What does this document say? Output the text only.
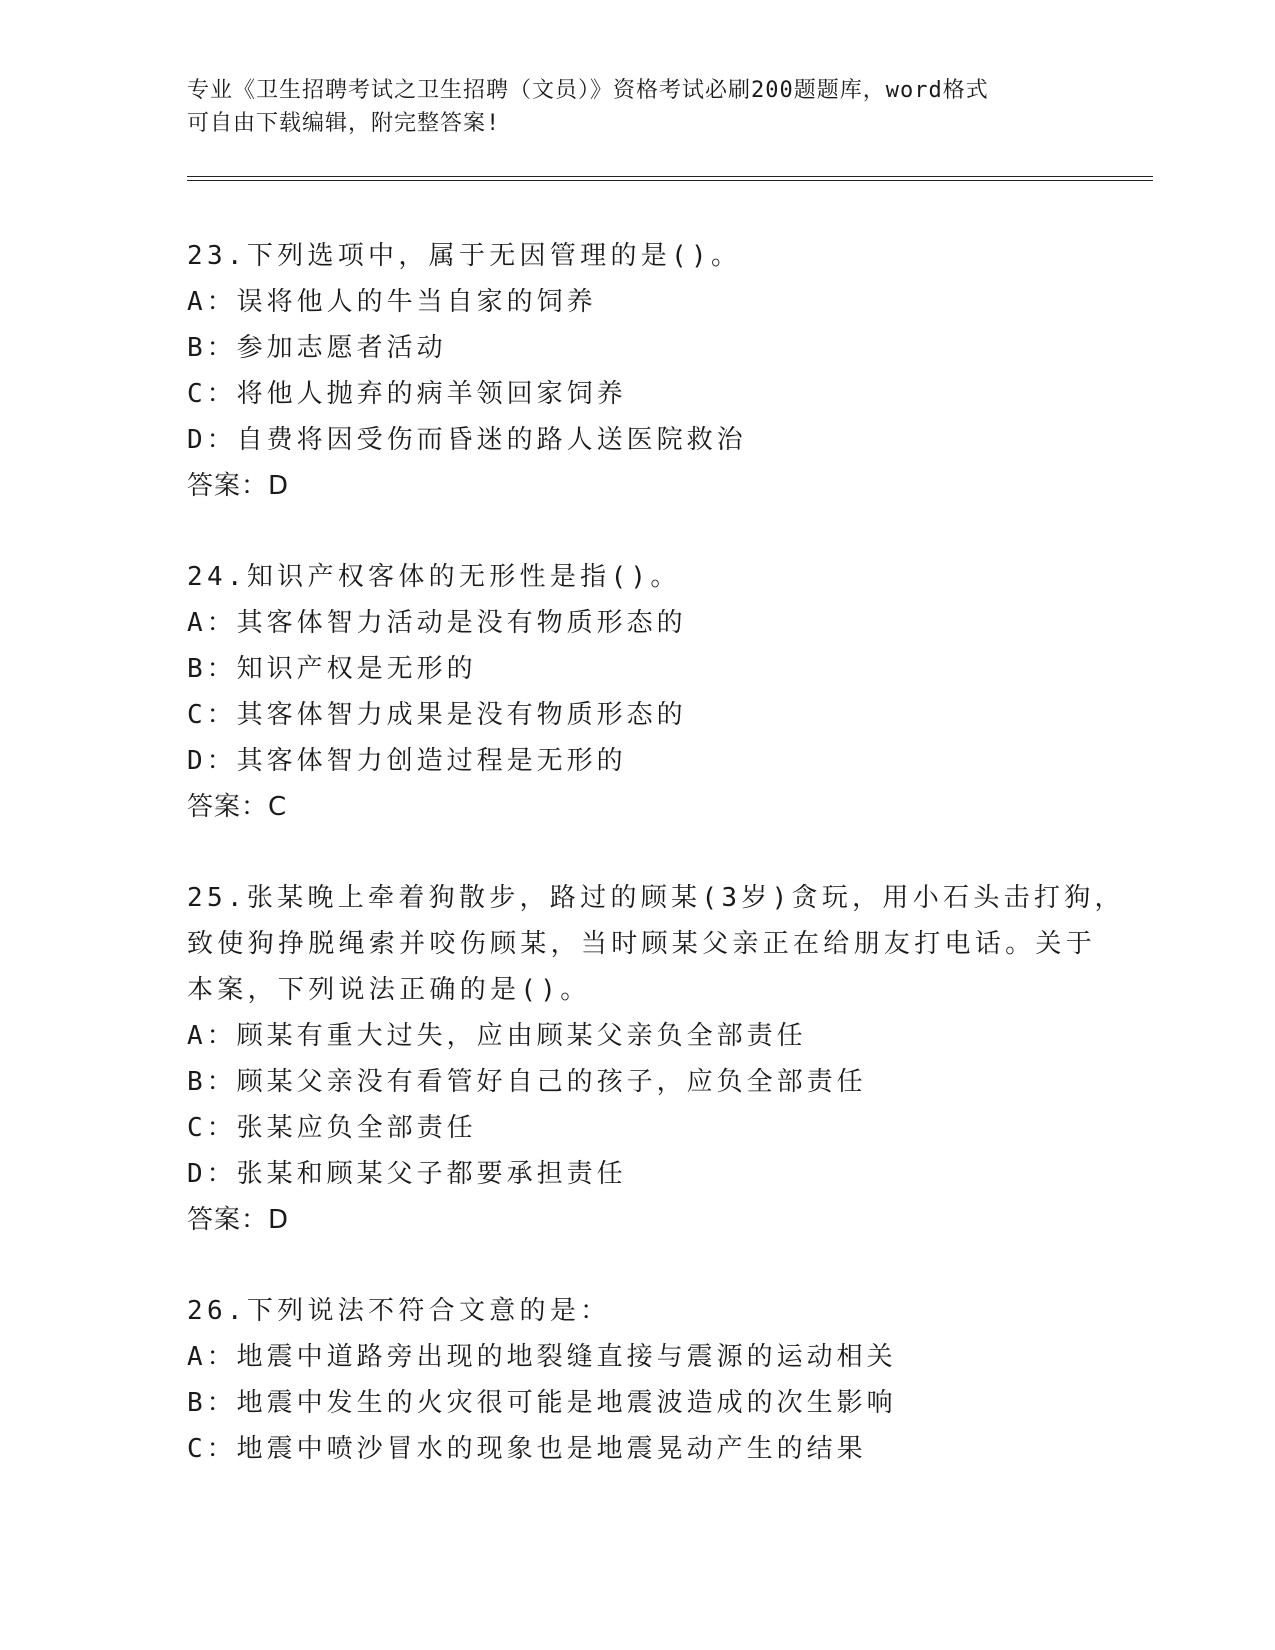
专业《卫生招聘考试之卫生招聘（文员）》资格考试必刷200题题库，word格式
可自由下载编辑，附完整答案!
23.下列选项中，属于无因管理的是()。
A：误将他人的牛当自家的饲养
B：参加志愿者活动
C：将他人抛弃的病羊领回家饲养
D：自费将因受伤而昏迷的路人送医院救治
答案：D
24.知识产权客体的无形性是指()。
A：其客体智力活动是没有物质形态的
B：知识产权是无形的
C：其客体智力成果是没有物质形态的
D：其客体智力创造过程是无形的
答案：C
25.张某晚上牵着狗散步，路过的顾某(3岁)贪玩，用小石头击打狗，
致使狗挣脱绳索并咬伤顾某，当时顾某父亲正在给朋友打电话。关于
本案，下列说法正确的是()。
A：顾某有重大过失，应由顾某父亲负全部责任
B：顾某父亲没有看管好自己的孩子，应负全部责任
C：张某应负全部责任
D：张某和顾某父子都要承担责任
答案：D
26.下列说法不符合文意的是：
A：地震中道路旁出现的地裂缝直接与震源的运动相关
B：地震中发生的火灾很可能是地震波造成的次生影响
C：地震中喷沙冒水的现象也是地震晃动产生的结果
